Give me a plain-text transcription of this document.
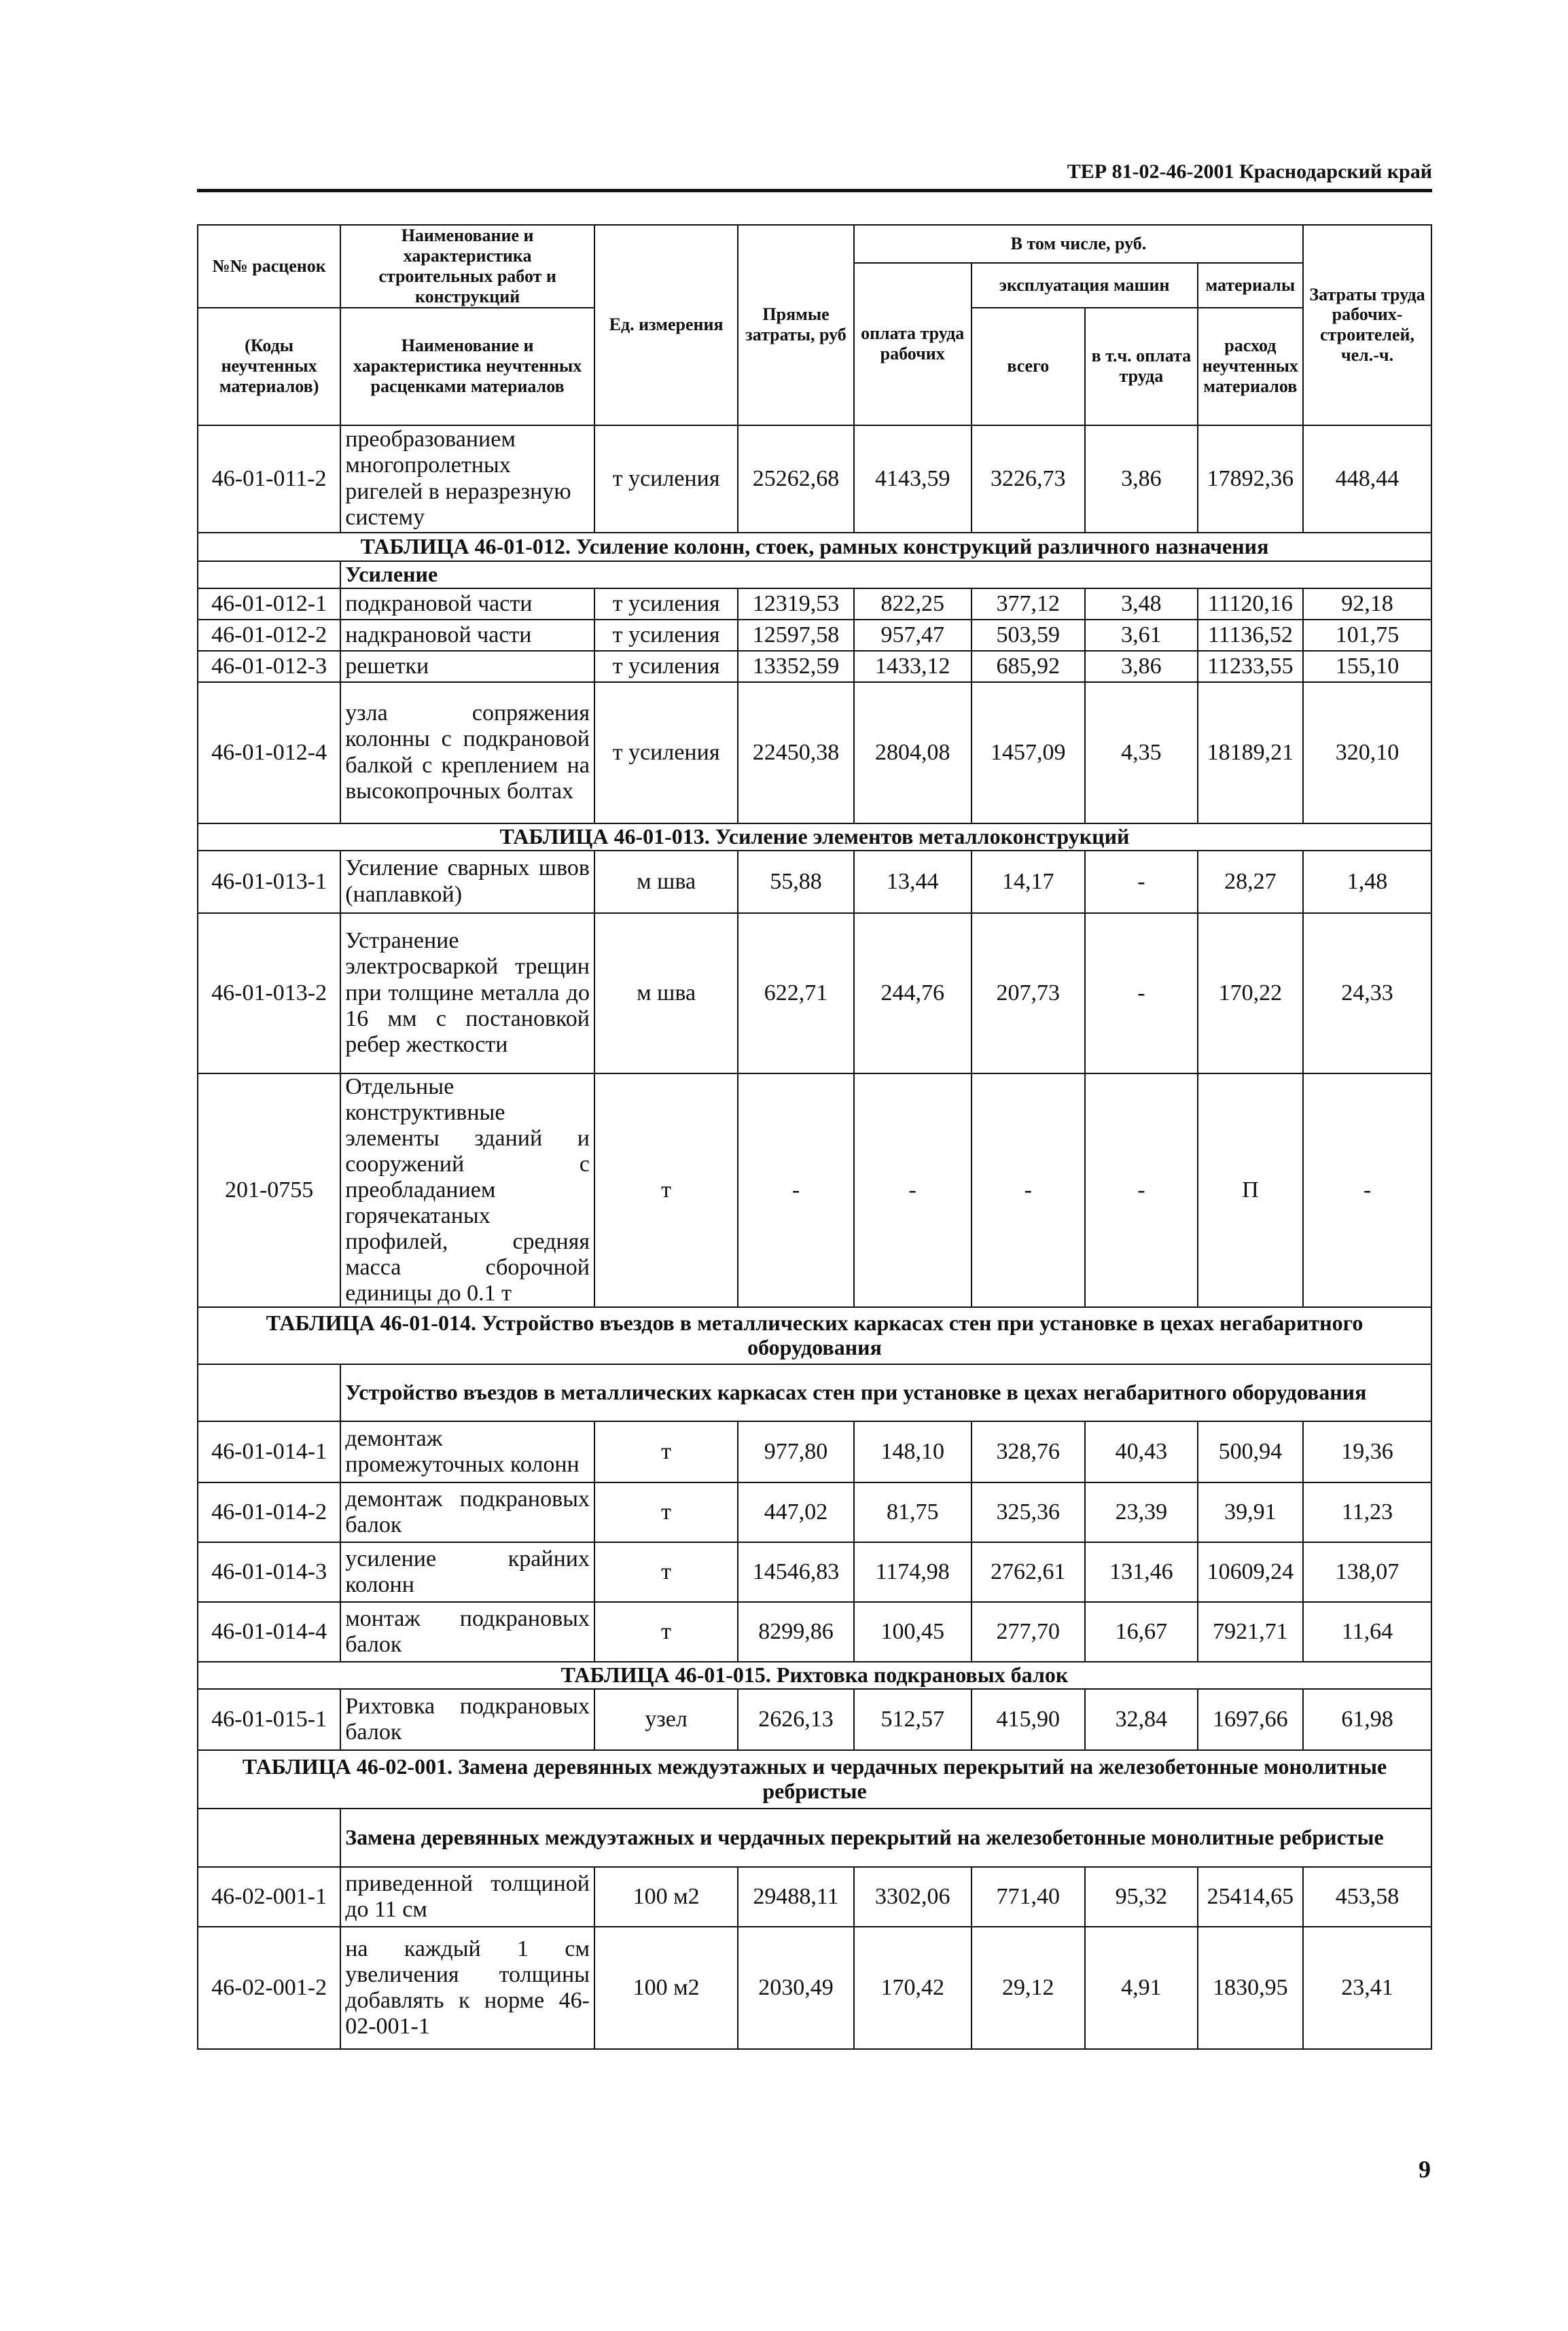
ТЕР 81-02-46-2001 Краснодарский край
№№ расценок	Наименование и характеристика строительных работ и конструкций	Ед. измерения	Прямые затраты, руб	В том числе, руб.				Затраты труда рабочих-строителей, чел.-ч.
				оплата труда рабочих	эксплуатация машин		материалы	
(Коды неучтенных материалов)	Наименование и характеристика неучтенных расценками материалов				всего	в т.ч. оплата труда	расход неучтенных материалов	

46-01-011-2	преобразованием многопролетных ригелей в неразрезную систему	т усиления	25262,68	4143,59	3226,73	3,86	17892,36	448,44
ТАБЛИЦА 46-01-012. Усиление колонн, стоек, рамных конструкций различного назначения								
	Усиление							
46-01-012-1	подкрановой части	т усиления	12319,53	822,25	377,12	3,48	11120,16	92,18
46-01-012-2	надкрановой части	т усиления	12597,58	957,47	503,59	3,61	11136,52	101,75
46-01-012-3	решетки	т усиления	13352,59	1433,12	685,92	3,86	11233,55	155,10
46-01-012-4	узла сопряжения колонны с подкрановой балкой с креплением на высокопрочных болтах	т усиления	22450,38	2804,08	1457,09	4,35	18189,21	320,10
ТАБЛИЦА 46-01-013. Усиление элементов металлоконструкций								
46-01-013-1	Усиление сварных швов (наплавкой)	м шва	55,88	13,44	14,17	-	28,27	1,48
46-01-013-2	Устранение электросваркой трещин при толщине металла до 16 мм с постановкой ребер жесткости	м шва	622,71	244,76	207,73	-	170,22	24,33
201-0755	Отдельные конструктивные элементы зданий и сооружений с преобладанием горячекатаных профилей, средняя масса сборочной единицы до 0.1 т	т	-	-	-	-	П	-
ТАБЛИЦА 46-01-014. Устройство въездов в металлических каркасах стен при установке в цехах негабаритного оборудования								
	Устройство въездов в металлических каркасах стен при установке в цехах негабаритного оборудования							
46-01-014-1	демонтаж промежуточных колонн	т	977,80	148,10	328,76	40,43	500,94	19,36
46-01-014-2	демонтаж подкрановых балок	т	447,02	81,75	325,36	23,39	39,91	11,23
46-01-014-3	усиление крайних колонн	т	14546,83	1174,98	2762,61	131,46	10609,24	138,07
46-01-014-4	монтаж подкрановых балок	т	8299,86	100,45	277,70	16,67	7921,71	11,64
ТАБЛИЦА 46-01-015. Рихтовка подкрановых балок								
46-01-015-1	Рихтовка подкрановых балок	узел	2626,13	512,57	415,90	32,84	1697,66	61,98
ТАБЛИЦА 46-02-001. Замена деревянных междуэтажных и чердачных перекрытий на железобетонные монолитные ребристые								
	Замена деревянных междуэтажных и чердачных перекрытий на железобетонные монолитные ребристые							
46-02-001-1	приведенной толщиной до 11 см	100 м2	29488,11	3302,06	771,40	95,32	25414,65	453,58
46-02-001-2	на каждый 1 см увеличения толщины добавлять к норме 46-02-001-1	100 м2	2030,49	170,42	29,12	4,91	1830,95	23,41
9
